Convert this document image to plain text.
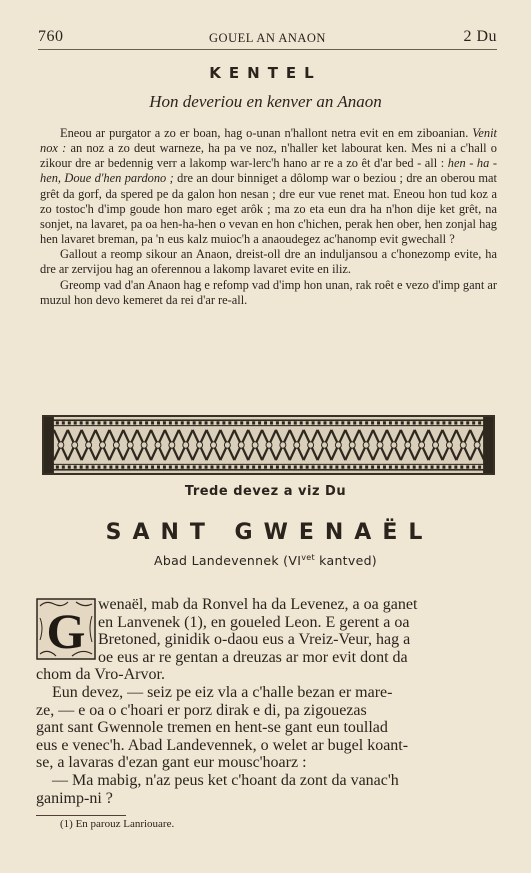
760	GOUEL AN ANAON	2 Du
KENTEL
Hon deveriou en kenver an Anaon

Eneou ar purgator a zo er boan, hag o-unan n'hallont netra evit en em ziboanian. Venit nox : an noz a zo deut warneze, ha pa ve noz, n'haller ket labourat ken. Mes ni a c'hall o zikour dre ar bedennig verr a lakomp war-lerc'h hano ar re a zo êt d'ar bed - all : hen - ha - hen, Doue d'hen pardono ; dre an dour binniget a dôlomp war o beziou ; dre an oberou mat grêt da gorf, da spered pe da galon hon nesan ; dre eur vue renet mat. Eneou hon tud koz a zo tostoc'h d'imp goude hon maro eget arôk ; ma zo eta eun dra ha n'hon dije ket grêt, na sonjet, na lavaret, pa oa hen-ha-hen o vevan en hon c'hichen, perak hen ober, hen zonjal hag hen lavaret breman, pa 'n eus kalz muioc'h a anaoudegez ac'hanomp evit gwechall ?

Gallout a reomp sikour an Anaon, dreist-oll dre an induljansou a c'honezomp evite, ha dre ar zervijou hag an oferennou a lakomp lavaret evite en iliz.

Greomp vad d'an Anaon hag e refomp vad d'imp hon unan, rak roêt e vezo d'imp gant ar muzul hon devo kemeret da rei d'ar re-all.

Trede devez a viz Du
SANT GWENAËL
Abad Landevennek ($VI^{vet}$ kantved)
G wenaël, mab da Ronvel ha da Levenez, a oa ganet
en Lanvenek (1), en goueled Leon. E gerent a oa
Bretoned, ginidik o-daou eus a Vreiz-Veur, hag a
oe eus ar re gentan a dreuzas ar mor evit dont da
chom da Vro-Arvor.
Eun devez, — seiz pe eiz vla a c'halle bezan er mare-
ze, — e oa o c'hoari er porz dirak e di, pa zigouezas
gant sant Gwennole tremen en hent-se gant eun toullad
eus e venec'h. Abad Landevennek, o welet ar bugel koant-
se, a lavaras d'ezan gant eur mousc'hoarz :
— Ma mabig, n'az peus ket c'hoant da zont da vanac'h
ganimp-ni ?
(1) En parouz Lanriouare.
